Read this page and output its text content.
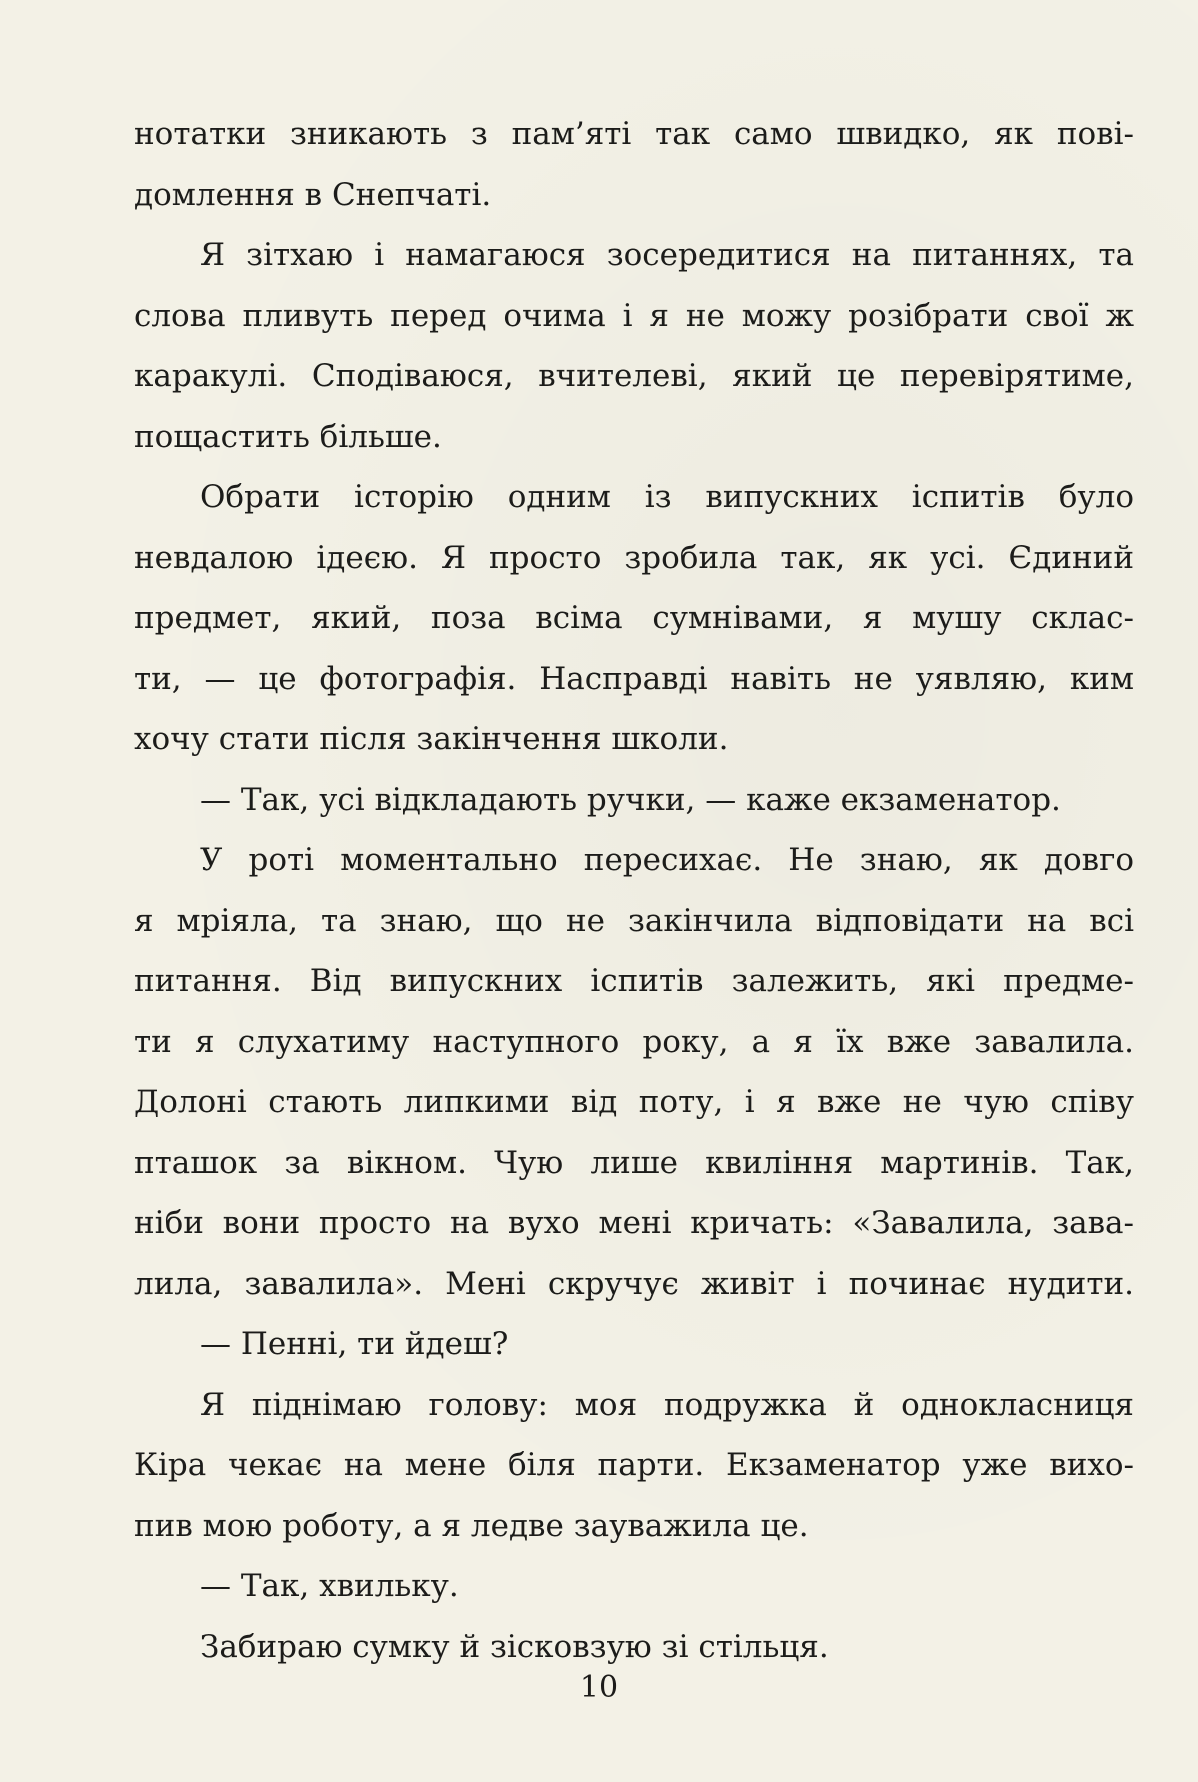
нотатки зникають з пам’яті так само швидко, як пові-
домлення в Снепчаті.
Я зітхаю і намагаюся зосередитися на питаннях, та
слова пливуть перед очима і я не можу розібрати свої ж
каракулі. Сподіваюся, вчителеві, який це перевірятиме,
пощастить більше.
Обрати історію одним із випускних іспитів було
невдалою ідеєю. Я просто зробила так, як усі. Єдиний
предмет, який, поза всіма сумнівами, я мушу склас-
ти, — це фотографія. Насправді навіть не уявляю, ким
хочу стати після закінчення школи.
— Так, усі відкладають ручки, — каже екзаменатор.
У роті моментально пересихає. Не знаю, як довго
я мріяла, та знаю, що не закінчила відповідати на всі
питання. Від випускних іспитів залежить, які предме-
ти я слухатиму наступного року, а я їх вже завалила.
Долоні стають липкими від поту, і я вже не чую співу
пташок за вікном. Чую лише квиління мартинів. Так,
ніби вони просто на вухо мені кричать: «Завалила, зава-
лила, завалила». Мені скручує живіт і починає нудити.
— Пенні, ти йдеш?
Я піднімаю голову: моя подружка й однокласниця
Кіра чекає на мене біля парти. Екзаменатор уже вихо-
пив мою роботу, а я ледве зауважила це.
— Так, хвильку.
Забираю сумку й зісковзую зі стільця.
10
